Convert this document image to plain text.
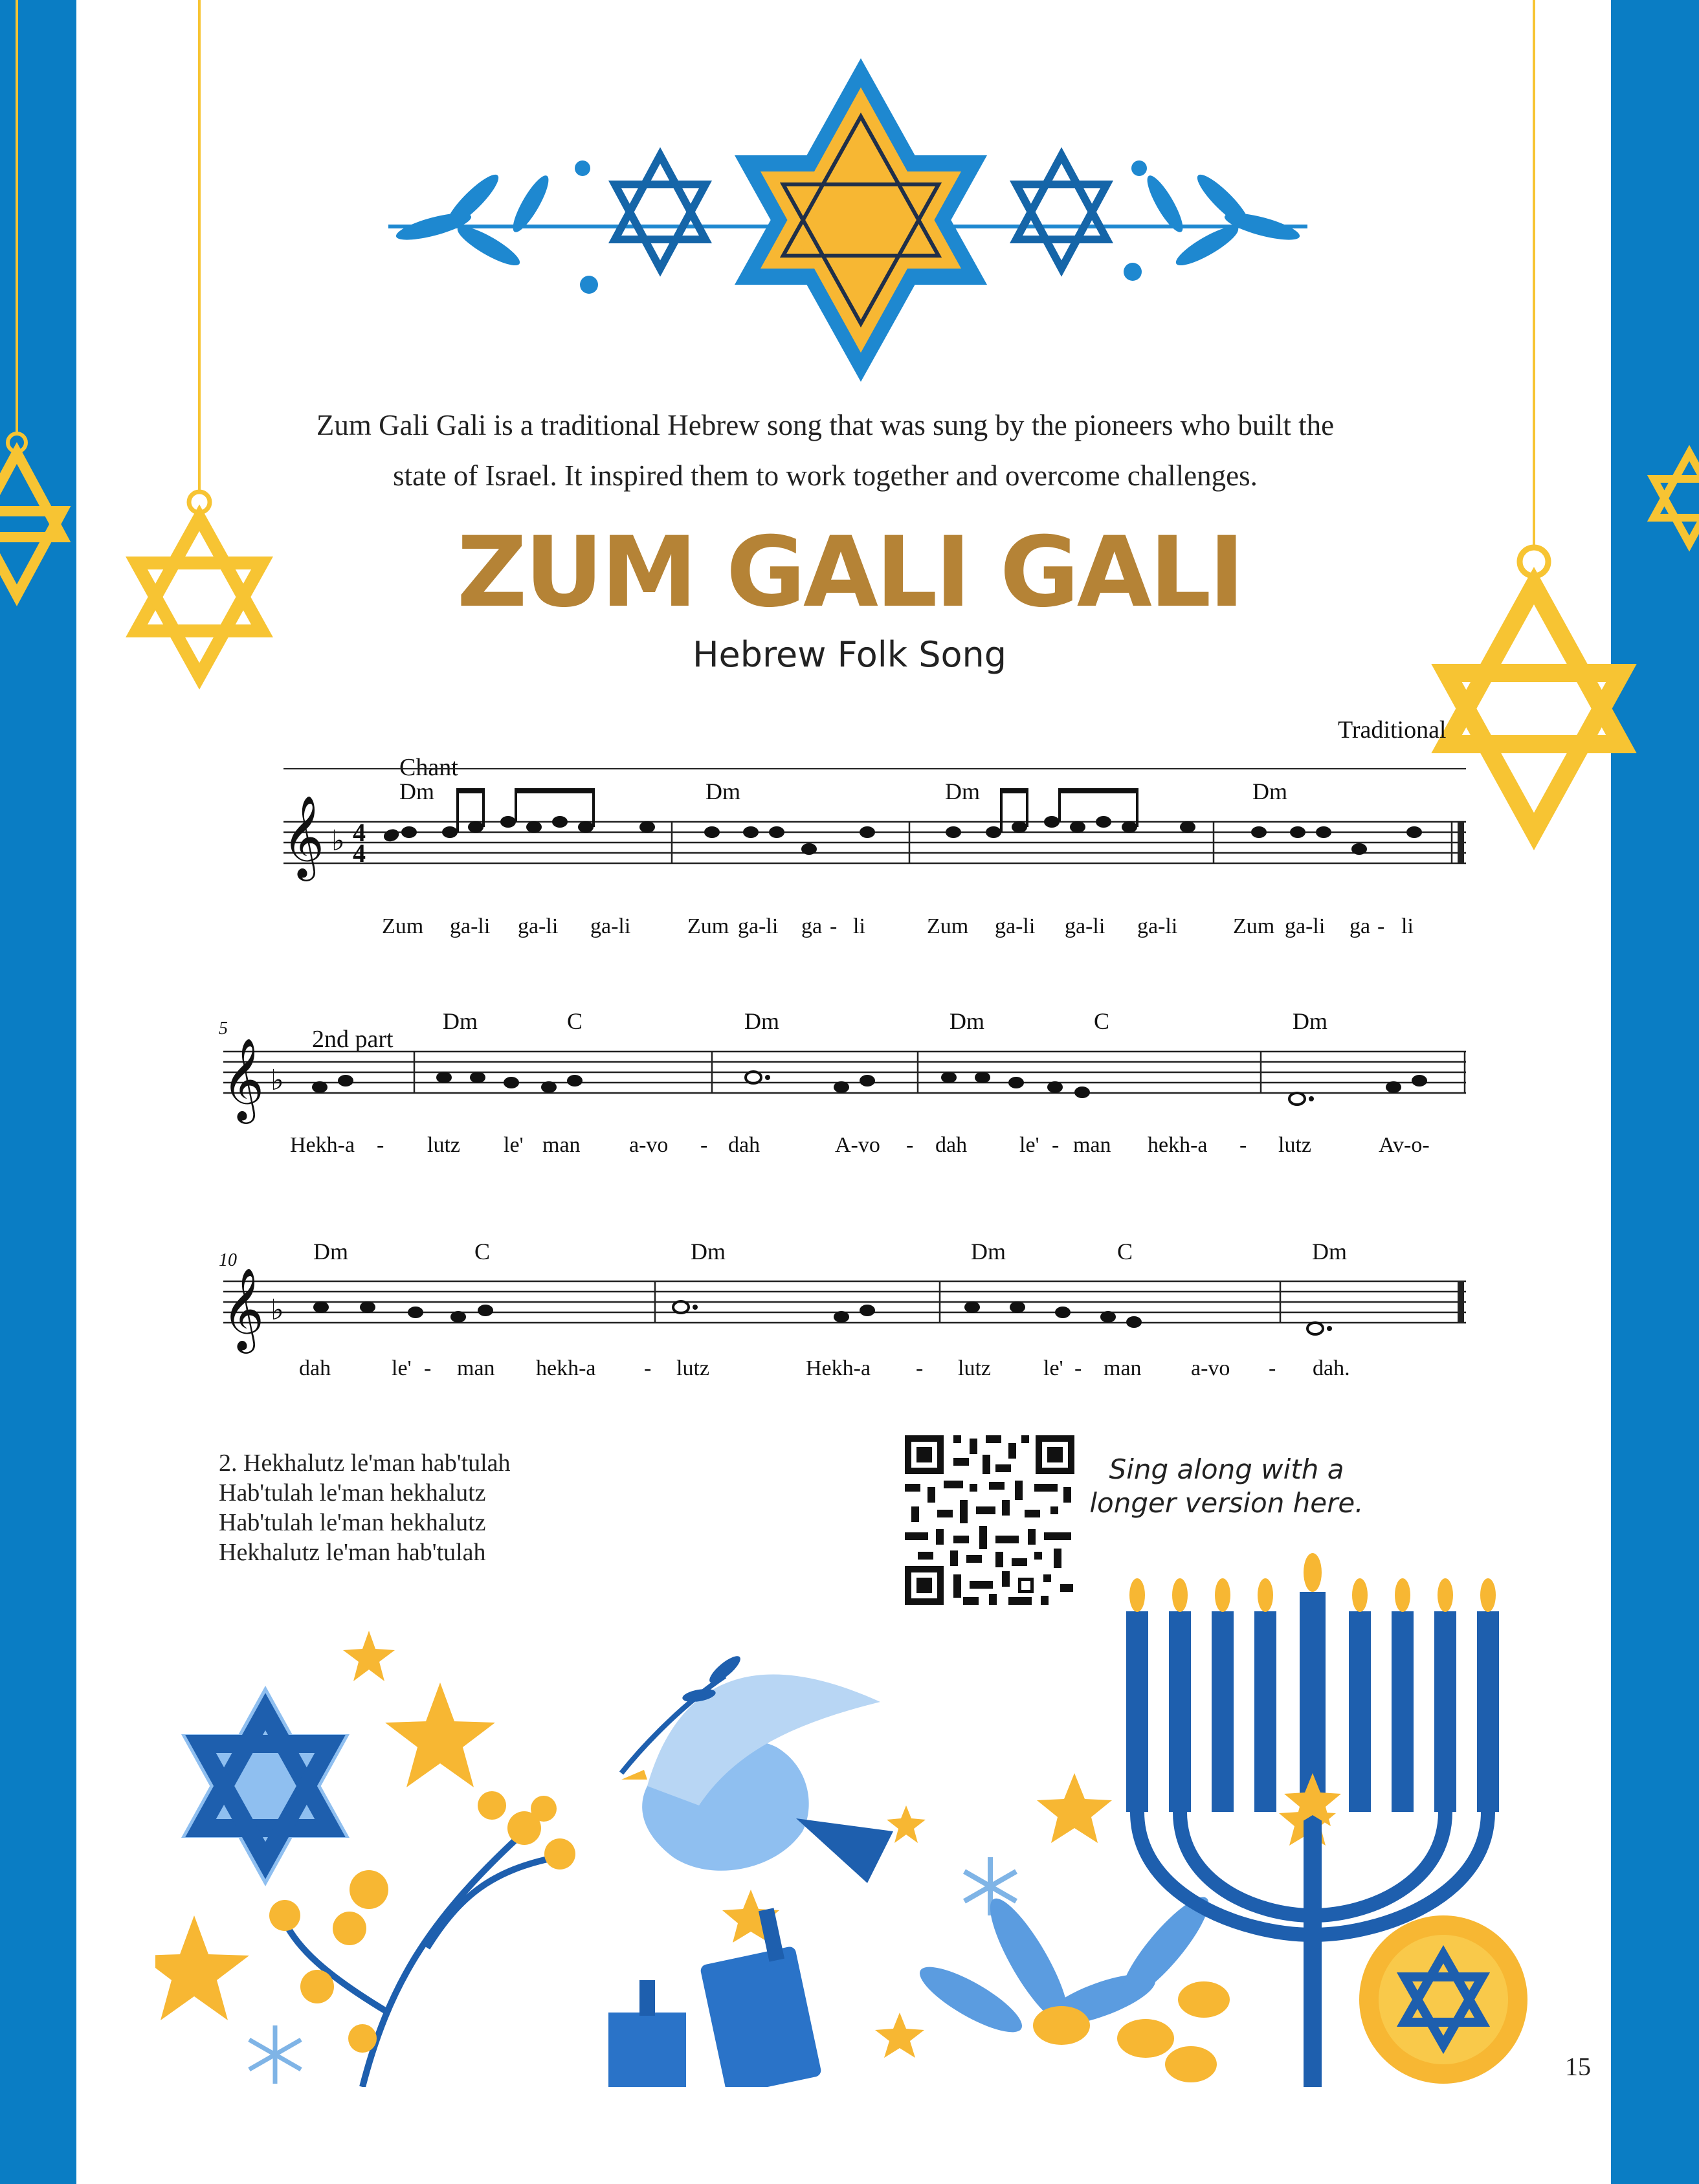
Zum Gali Gali is a traditional Hebrew song that was sung by the pioneers who built the
state of Israel. It inspired them to work together and overcome challenges.
ZUM GALI GALI
Hebrew Folk Song
Traditional
Chant
Dm	Dm	Dm	Dm
𝄞 ♭ 4
4
Zum ga-li ga-li ga-li	Zum ga-li ga - li	Zum ga-li ga-li ga-li	Zum ga-li ga - li
5	2nd part
Dm	C	Dm	Dm	C	Dm
𝄞 ♭
Hekh-a - lutz le' man a-vo - dah	A-vo - dah le' - man hekh-a - lutz	Av-o-
10	Dm	C	Dm	Dm	C	Dm
𝄞 ♭
dah	le' - man hekh-a - lutz	Hekh-a - lutz le' - man a-vo - dah.
2. Hekhalutz le'man hab'tulah
Hab'tulah le'man hekhalutz
Hab'tulah le'man hekhalutz
Hekhalutz le'man hab'tulah
Sing along with a
longer version here.
15
